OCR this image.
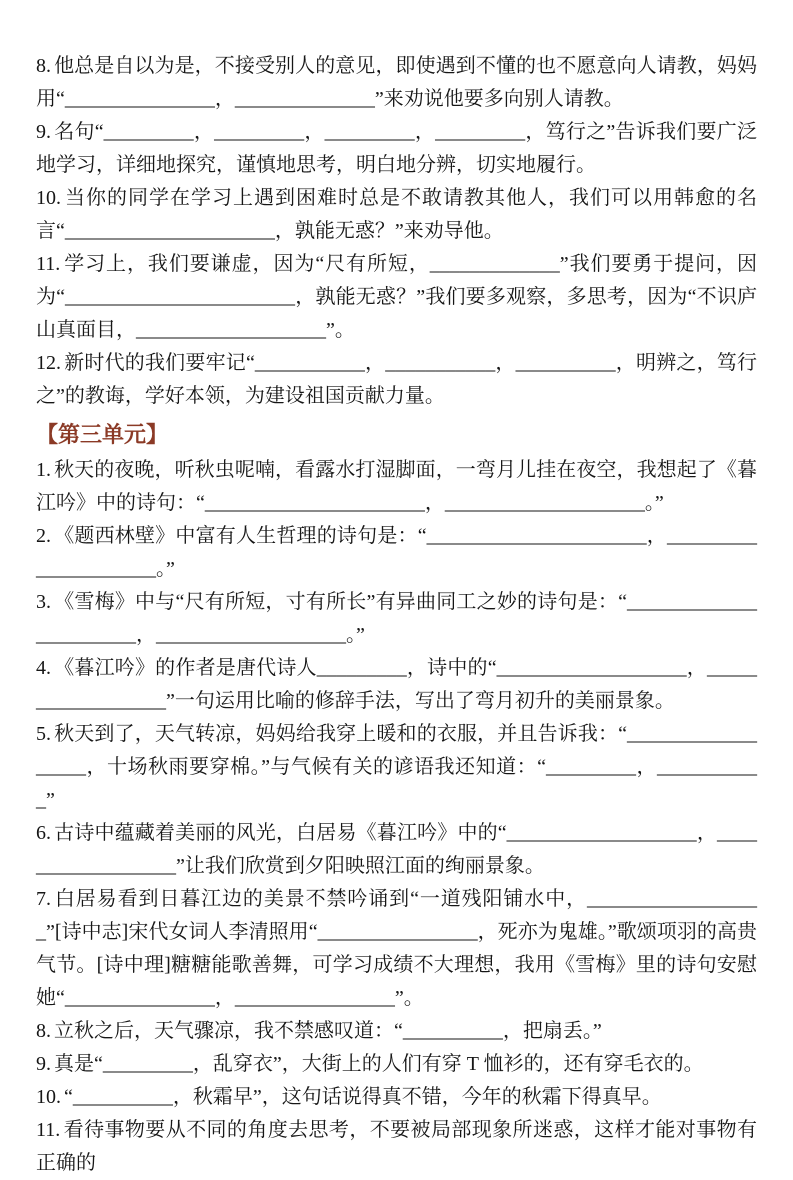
8. 他总是自以为是，不接受别人的意见，即使遇到不懂的也不愿意向人请教，妈妈用“_______________，______________”来劝说他要多向别人请教。

9. 名句“_________，_________，_________，_________，笃行之”告诉我们要广泛地学习，详细地探究，谨慎地思考，明白地分辨，切实地履行。

10. 当你的同学在学习上遇到困难时总是不敢请教其他人，我们可以用韩愈的名言“_____________________，孰能无惑？”来劝导他。

11. 学习上，我们要谦虚，因为“尺有所短，_____________”我们要勇于提问，因为“_______________________，孰能无惑？”我们要多观察，多思考，因为“不识庐山真面目，___________________”。

12. 新时代的我们要牢记“___________，___________，__________，明辨之，笃行之”的教诲，学好本领，为建设祖国贡献力量。

【第三单元】

1. 秋天的夜晚，听秋虫呢喃，看露水打湿脚面，一弯月儿挂在夜空，我想起了《暮江吟》中的诗句：“______________________，____________________。”

2. 《题西林壁》中富有人生哲理的诗句是：“______________________，_____________________。”

3. 《雪梅》中与“尺有所短，寸有所长”有异曲同工之妙的诗句是：“_______________________，___________________。”

4. 《暮江吟》的作者是唐代诗人_________，诗中的“___________________，__________________”一句运用比喻的修辞手法，写出了弯月初升的美丽景象。

5. 秋天到了，天气转凉，妈妈给我穿上暖和的衣服，并且告诉我：“__________________，十场秋雨要穿棉。”与气候有关的谚语我还知道：“_________，___________”

6. 古诗中蕴藏着美丽的风光，白居易《暮江吟》中的“___________________，__________________”让我们欣赏到夕阳映照江面的绚丽景象。

7. 白居易看到日暮江边的美景不禁吟诵到“一道残阳铺水中，__________________”[诗中志]宋代女词人李清照用“________________，死亦为鬼雄。”歌颂项羽的高贵气节。[诗中理]糖糖能歌善舞，可学习成绩不大理想，我用《雪梅》里的诗句安慰她“_______________，________________”。

8. 立秋之后，天气骤凉，我不禁感叹道：“__________，把扇丢。”

9. 真是“_________，乱穿衣”，大街上的人们有穿 T 恤衫的，还有穿毛衣的。

10. “__________，秋霜早”，这句话说得真不错，今年的秋霜下得真早。

11. 看待事物要从不同的角度去思考，不要被局部现象所迷惑，这样才能对事物有正确的
